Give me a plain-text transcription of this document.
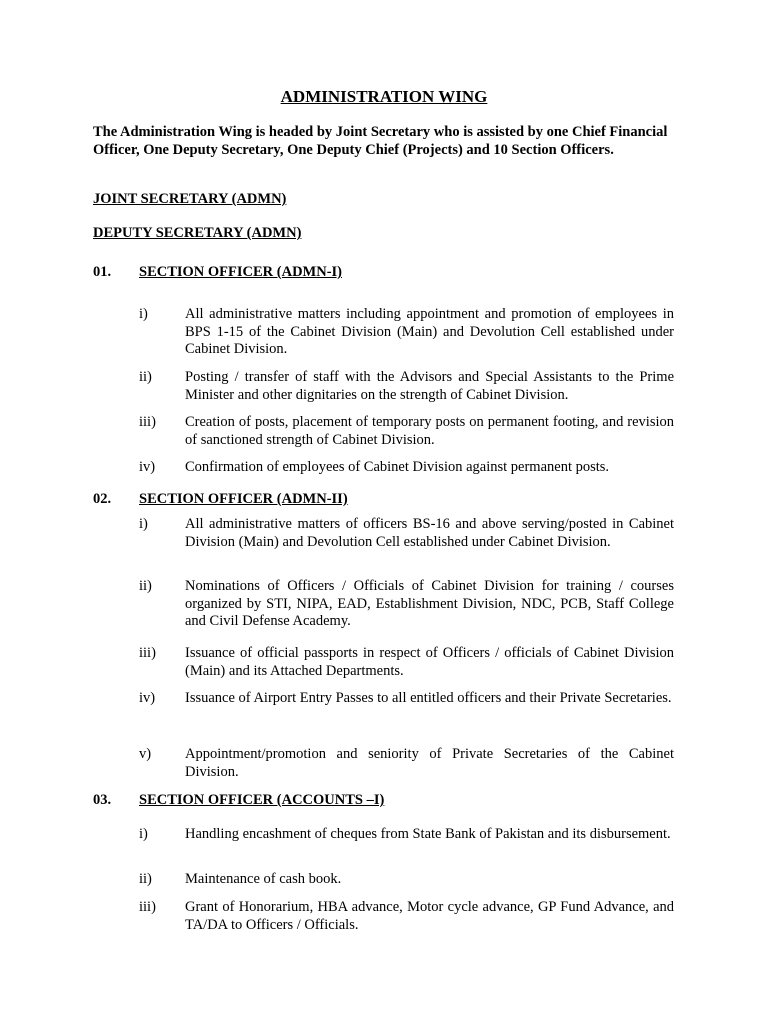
ADMINISTRATION WING
The Administration Wing is headed by Joint Secretary who is assisted by one Chief Financial Officer, One Deputy Secretary, One Deputy Chief (Projects) and 10 Section Officers.
JOINT SECRETARY (ADMN)
DEPUTY SECRETARY (ADMN)
01. SECTION OFFICER (ADMN-I)
i)	All administrative matters including appointment and promotion of employees in BPS 1-15 of the Cabinet Division (Main) and Devolution Cell established under Cabinet Division.
ii) Posting / transfer of staff with the Advisors and Special Assistants to the Prime Minister and other dignitaries on the strength of Cabinet Division.
iii) Creation of posts, placement of temporary posts on permanent footing, and revision of sanctioned strength of Cabinet Division.
iv) Confirmation of employees of Cabinet Division against permanent posts.
02. SECTION OFFICER (ADMN-II)
i)	All administrative matters of officers BS-16 and above serving/posted in Cabinet Division (Main) and Devolution Cell established under Cabinet Division.
ii) Nominations of Officers / Officials of Cabinet Division for training / courses organized by STI, NIPA, EAD, Establishment Division, NDC, PCB, Staff College and Civil Defense Academy.
iii) Issuance of official passports in respect of Officers / officials of Cabinet Division (Main) and its Attached Departments.
iv) Issuance of Airport Entry Passes to all entitled officers and their Private Secretaries.
v) Appointment/promotion and seniority of Private Secretaries of the Cabinet Division.
03. SECTION OFFICER (ACCOUNTS –I)
i)	Handling encashment of cheques from State Bank of Pakistan and its disbursement.
ii) Maintenance of cash book.
iii) Grant of Honorarium, HBA advance, Motor cycle advance, GP Fund Advance, and TA/DA to Officers / Officials.
